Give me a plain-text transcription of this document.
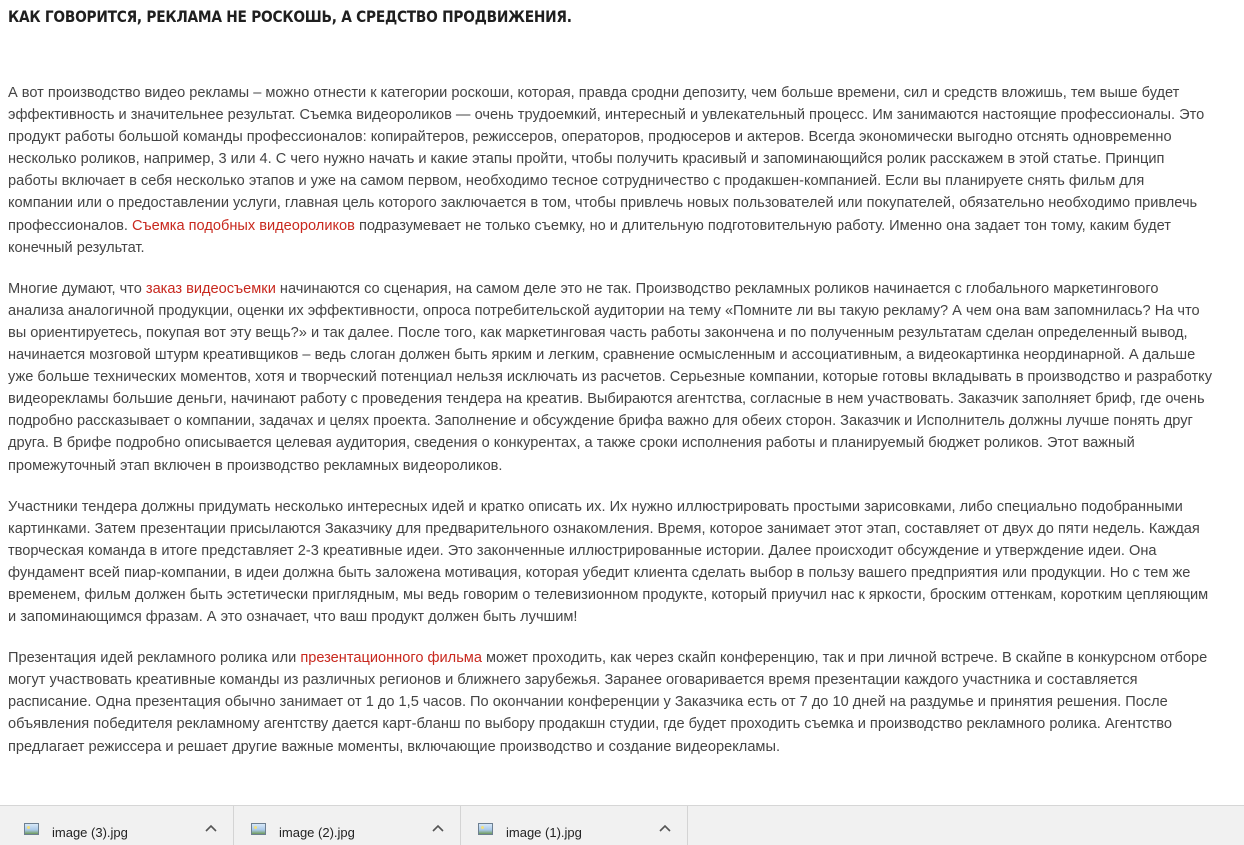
КАК ГОВОРИТСЯ, РЕКЛАМА НЕ РОСКОШЬ, А СРЕДСТВО ПРОДВИЖЕНИЯ.

А вот производство видео рекламы – можно отнести к категории роскоши, которая, правда сродни депозиту, чем больше времени, сил и средств вложишь, тем выше будет эффективность и значительнее результат. Съемка видеороликов — очень трудоемкий, интересный и увлекательный процесс. Им занимаются настоящие профессионалы. Это продукт работы большой команды профессионалов: копирайтеров, режиссеров, операторов, продюсеров и актеров. Всегда экономически выгодно отснять одновременно несколько роликов, например, 3 или 4. С чего нужно начать и какие этапы пройти, чтобы получить красивый и запоминающийся ролик расскажем в этой статье. Принцип работы включает в себя несколько этапов и уже на самом первом, необходимо тесное сотрудничество с продакшен-компанией. Если вы планируете снять фильм для компании или о предоставлении услуги, главная цель которого заключается в том, чтобы привлечь новых пользователей или покупателей, обязательно необходимо привлечь профессионалов. Съемка подобных видеороликов подразумевает не только съемку, но и длительную подготовительную работу. Именно она задает тон тому, каким будет конечный результат.

Многие думают, что заказ видеосъемки начинаются со сценария, на самом деле это не так. Производство рекламных роликов начинается с глобального маркетингового анализа аналогичной продукции, оценки их эффективности, опроса потребительской аудитории на тему «Помните ли вы такую рекламу? А чем она вам запомнилась? На что вы ориентируетесь, покупая вот эту вещь?» и так далее. После того, как маркетинговая часть работы закончена и по полученным результатам сделан определенный вывод, начинается мозговой штурм креативщиков – ведь слоган должен быть ярким и легким, сравнение осмысленным и ассоциативным, а видеокартинка неординарной. А дальше уже больше технических моментов, хотя и творческий потенциал нельзя исключать из расчетов. Серьезные компании, которые готовы вкладывать в производство и разработку видеорекламы большие деньги, начинают работу с проведения тендера на креатив. Выбираются агентства, согласные в нем участвовать. Заказчик заполняет бриф, где очень подробно рассказывает о компании, задачах и целях проекта. Заполнение и обсуждение брифа важно для обеих сторон. Заказчик и Исполнитель должны лучше понять друг друга. В брифе подробно описывается целевая аудитория, сведения о конкурентах, а также сроки исполнения работы и планируемый бюджет роликов. Этот важный промежуточный этап включен в производство рекламных видеороликов.

Участники тендера должны придумать несколько интересных идей и кратко описать их. Их нужно иллюстрировать простыми зарисовками, либо специально подобранными картинками. Затем презентации присылаются Заказчику для предварительного ознакомления. Время, которое занимает этот этап, составляет от двух до пяти недель. Каждая творческая команда в итоге представляет 2-3 креативные идеи. Это законченные иллюстрированные истории. Далее происходит обсуждение и утверждение идеи. Она фундамент всей пиар-компании, в идеи должна быть заложена мотивация, которая убедит клиента сделать выбор в пользу вашего предприятия или продукции. Но с тем же временем, фильм должен быть эстетически приглядным, мы ведь говорим о телевизионном продукте, который приучил нас к яркости, броским оттенкам, коротким цепляющим и запоминающимся фразам. А это означает, что ваш продукт должен быть лучшим!

Презентация идей рекламного ролика или презентационного фильма может проходить, как через скайп конференцию, так и при личной встрече. В скайпе в конкурсном отборе могут участвовать креативные команды из различных регионов и ближнего зарубежья. Заранее оговаривается время презентации каждого участника и составляется расписание. Одна презентация обычно занимает от 1 до 1,5 часов. По окончании конференции у Заказчика есть от 7 до 10 дней на раздумье и принятия решения. После объявления победителя рекламному агентству дается карт-бланш по выбору продакшн студии, где будет проходить съемка и производство рекламного ролика. Агентство предлагает режиссера и решает другие важные моменты, включающие производство и создание видеорекламы.

image (3).jpg	image (2).jpg	image (1).jpg
